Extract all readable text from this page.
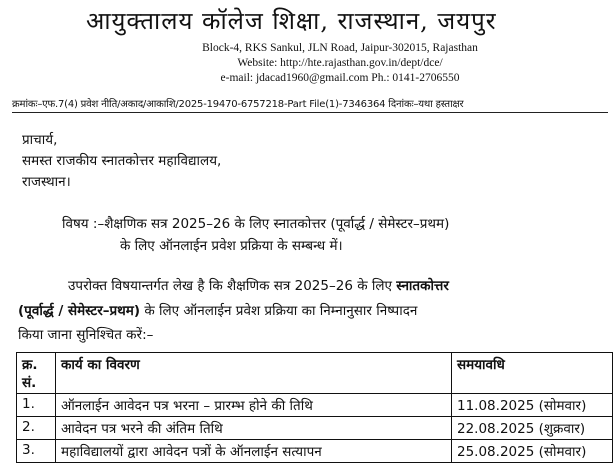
आयुक्तालय कॉलेज शिक्षा, राजस्थान, जयपुर
Block-4, RKS Sankul, JLN Road, Jaipur-302015, Rajasthan
Website: http://hte.rajasthan.gov.in/dept/dce/
e-mail: jdacad1960@gmail.com Ph.: 0141-2706550
क्रमांकः–एफ.7(4) प्रवेश नीति/अकाद/आकाशि/2025-19470-6757218-Part File(1)-7346364 दिनांकः–यथा हस्ताक्षर
प्राचार्य,
समस्त राजकीय स्नातकोत्तर महाविद्यालय,
राजस्थान।
विषय :–शैक्षणिक सत्र 2025–26 के लिए स्नातकोत्तर (पूर्वार्द्ध / सेमेस्टर–प्रथम)
के लिए ऑनलाईन प्रवेश प्रक्रिया के सम्बन्ध में।
उपरोक्त विषयान्तर्गत लेख है कि शैक्षणिक सत्र 2025–26 के लिए स्नातकोत्तर
(पूर्वार्द्ध / सेमेस्टर–प्रथम) के लिए ऑनलाईन प्रवेश प्रक्रिया का निम्नानुसार निष्पादन
किया जाना सुनिश्चित करें:–
क्र. सं.	कार्य का विवरण	समयावधि
1.	ऑनलाईन आवेदन पत्र भरना – प्रारम्भ होने की तिथि	11.08.2025 (सोमवार)
2.	आवेदन पत्र भरने की अंतिम तिथि	22.08.2025 (शुक्रवार)
3.	महाविद्यालयों द्वारा आवेदन पत्रों के ऑनलाईन सत्यापन	25.08.2025 (सोमवार)
